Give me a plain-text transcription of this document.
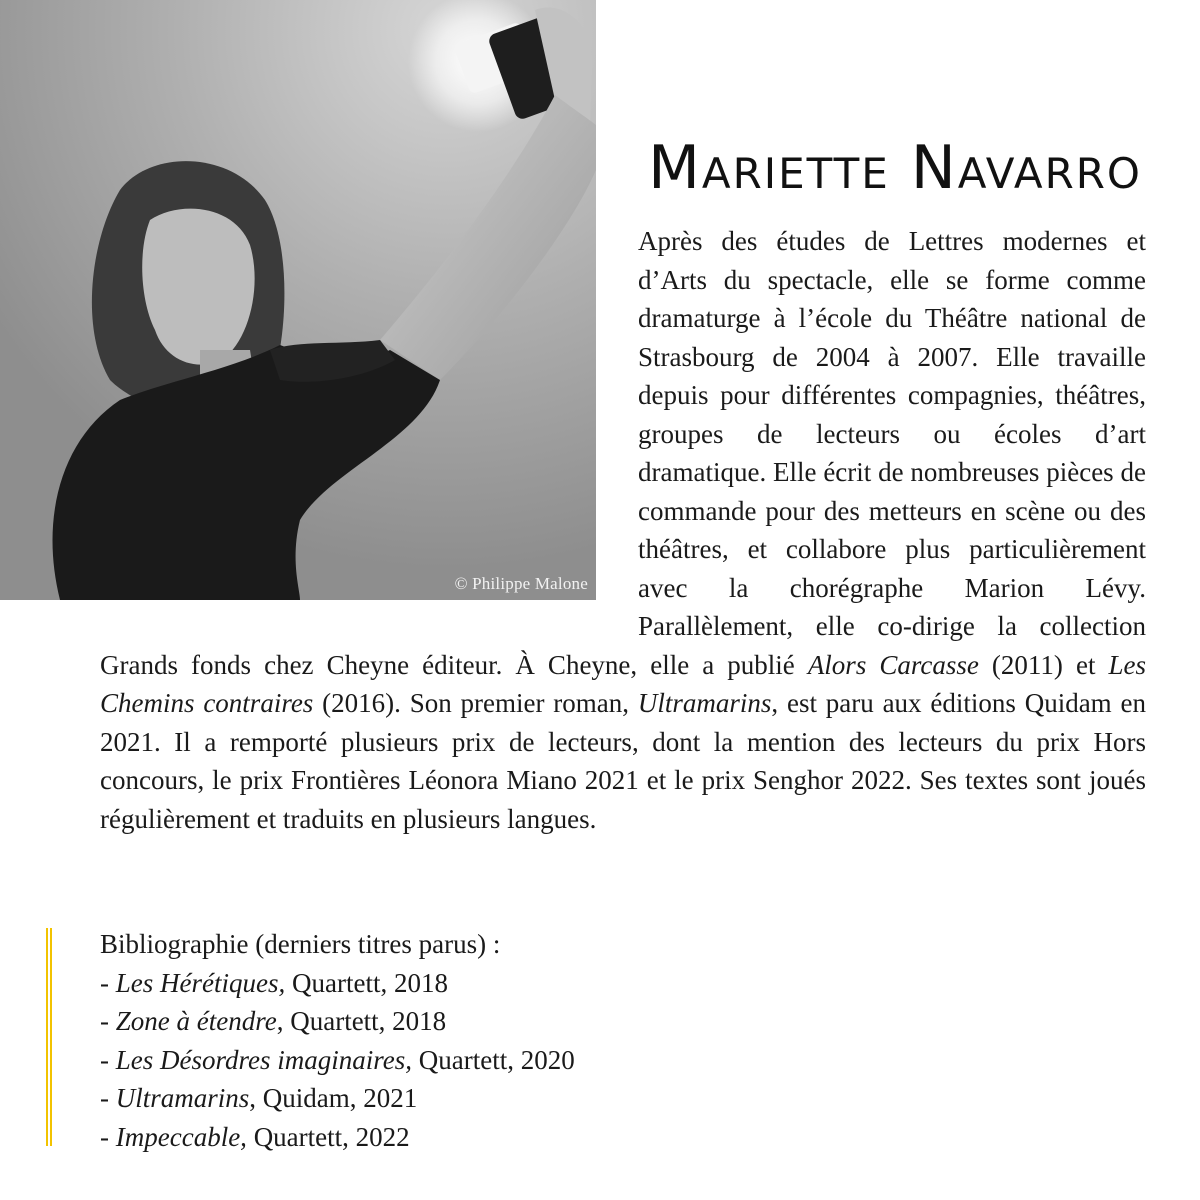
© Philippe Malone
Mariette Navarro

Après des études de Lettres modernes et d’Arts du spectacle, elle se forme comme dramaturge à l’école du Théâtre national de Strasbourg de 2004 à 2007. Elle travaille depuis pour différentes compagnies, théâtres, groupes de lecteurs ou écoles d’art dramatique. Elle écrit de nombreuses pièces de commande pour des metteurs en scène ou des théâtres, et collabore plus particulièrement avec la chorégraphe Marion Lévy. Parallèlement, elle co-dirige la collection Grands fonds chez Cheyne éditeur. À Cheyne, elle a publié Alors Carcasse (2011) et Les Chemins contraires (2016). Son premier roman, Ultramarins, est paru aux éditions Quidam en 2021. Il a remporté plusieurs prix de lecteurs, dont la mention des lecteurs du prix Hors concours, le prix Frontières Léonora Miano 2021 et le prix Senghor 2022. Ses textes sont joués régulièrement et traduits en plusieurs langues.

Bibliographie (derniers titres parus) :
- Les Hérétiques, Quartett, 2018
- Zone à étendre, Quartett, 2018
- Les Désordres imaginaires, Quartett, 2020
- Ultramarins, Quidam, 2021
- Impeccable, Quartett, 2022
